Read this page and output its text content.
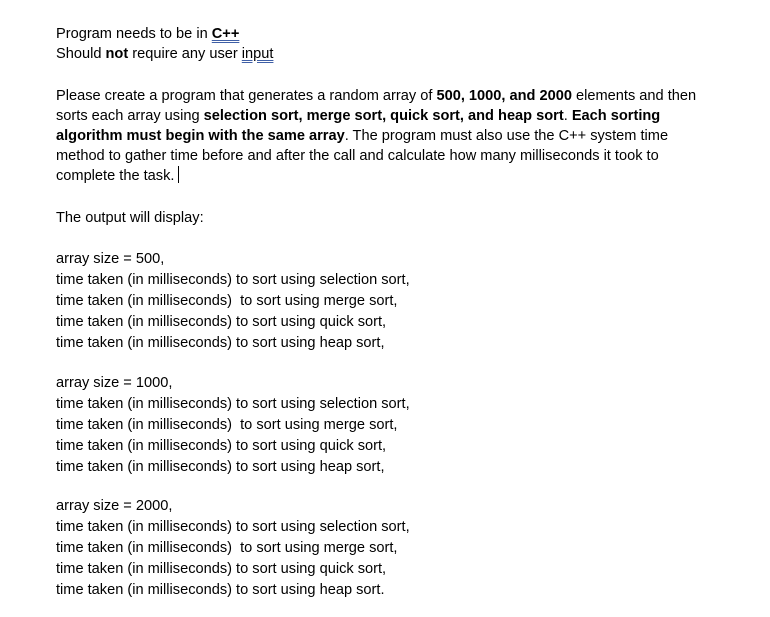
Program needs to be in C++
Should not require any user input
Please create a program that generates a random array of 500, 1000, and 2000 elements and then sorts each array using selection sort, merge sort, quick sort, and heap sort. Each sorting algorithm must begin with the same array. The program must also use the C++ system time method to gather time before and after the call and calculate how many milliseconds it took to complete the task.
The output will display:
array size = 500,
time taken (in milliseconds) to sort using selection sort,
time taken (in milliseconds)  to sort using merge sort,
time taken (in milliseconds) to sort using quick sort,
time taken (in milliseconds) to sort using heap sort,
array size = 1000,
time taken (in milliseconds) to sort using selection sort,
time taken (in milliseconds)  to sort using merge sort,
time taken (in milliseconds) to sort using quick sort,
time taken (in milliseconds) to sort using heap sort,
array size = 2000,
time taken (in milliseconds) to sort using selection sort,
time taken (in milliseconds)  to sort using merge sort,
time taken (in milliseconds) to sort using quick sort,
time taken (in milliseconds) to sort using heap sort.
